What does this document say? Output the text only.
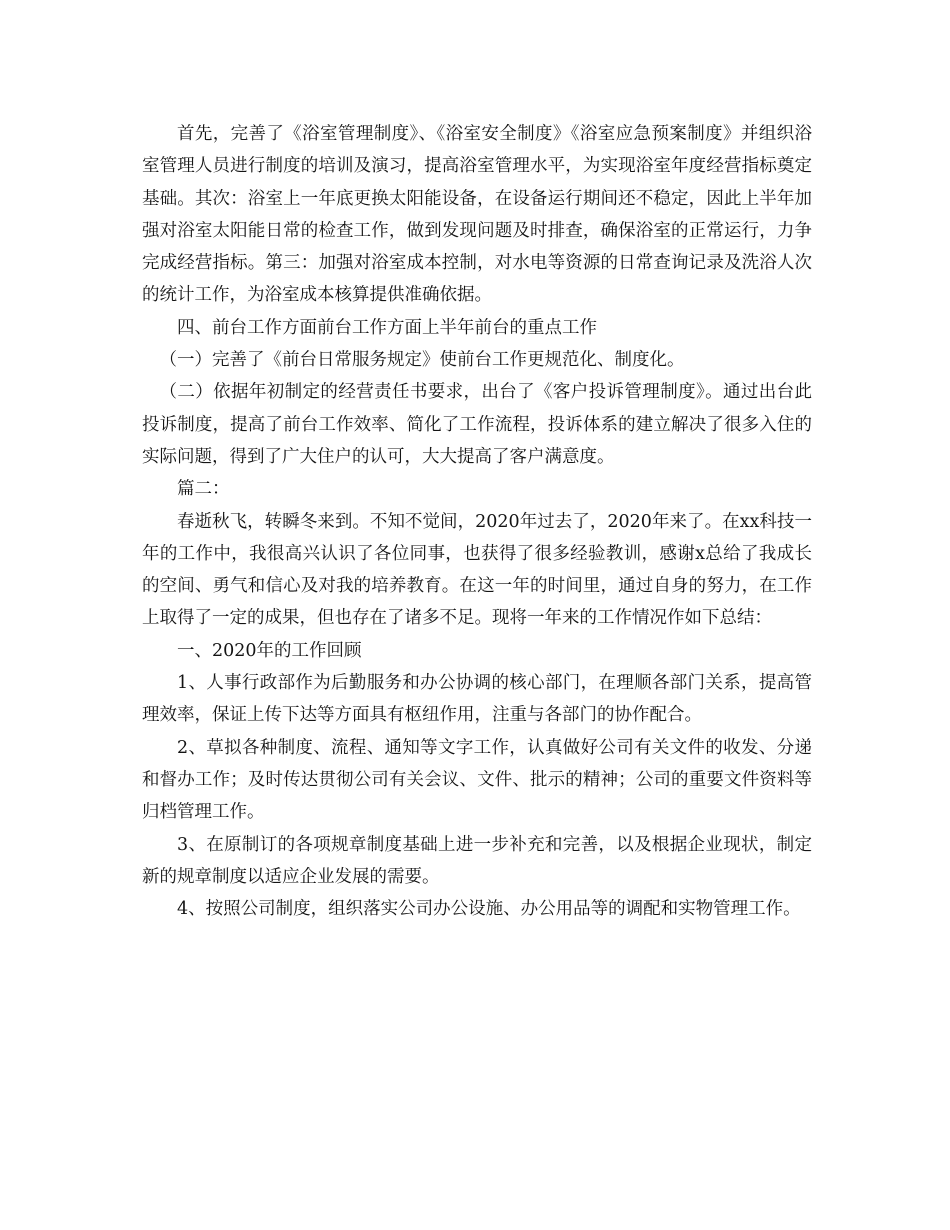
首先，完善了《浴室管理制度》、《浴室安全制度》《浴室应急预案制度》并组织浴室管理人员进行制度的培训及演习，提高浴室管理水平，为实现浴室年度经营指标奠定基础。其次：浴室上一年底更换太阳能设备，在设备运行期间还不稳定，因此上半年加强对浴室太阳能日常的检查工作，做到发现问题及时排查，确保浴室的正常运行，力争完成经营指标。第三：加强对浴室成本控制，对水电等资源的日常查询记录及洗浴人次的统计工作，为浴室成本核算提供准确依据。

四、前台工作方面前台工作方面上半年前台的重点工作

（一）完善了《前台日常服务规定》使前台工作更规范化、制度化。

（二）依据年初制定的经营责任书要求，出台了《客户投诉管理制度》。通过出台此投诉制度，提高了前台工作效率、简化了工作流程，投诉体系的建立解决了很多入住的实际问题，得到了广大住户的认可，大大提高了客户满意度。

篇二：

春逝秋飞，转瞬冬来到。不知不觉间，2020年过去了，2020年来了。在xx科技一年的工作中，我很高兴认识了各位同事，也获得了很多经验教训，感谢x总给了我成长的空间、勇气和信心及对我的培养教育。在这一年的时间里，通过自身的努力，在工作上取得了一定的成果，但也存在了诸多不足。现将一年来的工作情况作如下总结：

一、2020年的工作回顾

1、人事行政部作为后勤服务和办公协调的核心部门，在理顺各部门关系，提高管理效率，保证上传下达等方面具有枢纽作用，注重与各部门的协作配合。

2、草拟各种制度、流程、通知等文字工作，认真做好公司有关文件的收发、分递和督办工作；及时传达贯彻公司有关会议、文件、批示的精神；公司的重要文件资料等归档管理工作。

3、在原制订的各项规章制度基础上进一步补充和完善，以及根据企业现状，制定新的规章制度以适应企业发展的需要。

4、按照公司制度，组织落实公司办公设施、办公用品等的调配和实物管理工作。
